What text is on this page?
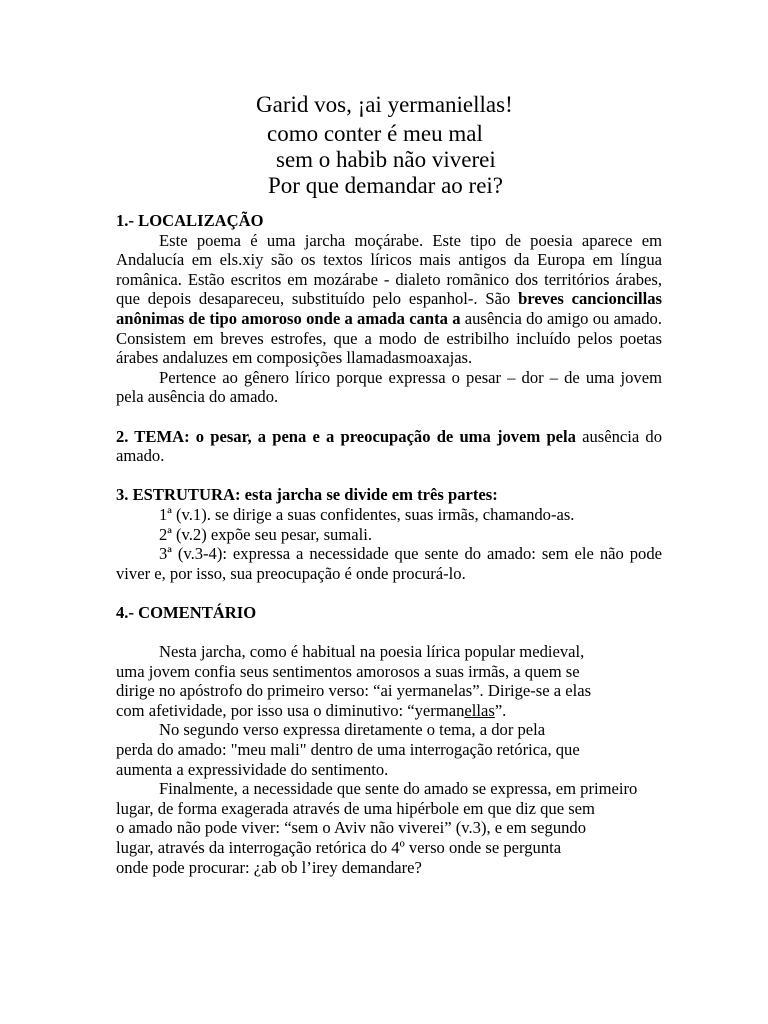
Garid vos, ¡ai yermaniellas!
como conter é meu mal
sem o habib não viverei
Por que demandar ao rei?

1.- LOCALIZAÇÃO

Este poema é uma jarcha moçárabe. Este tipo de poesia aparece em Andalucía em els.xiy são os textos líricos mais antigos da Europa em língua românica. Estão escritos em mozárabe - dialeto romãnico dos territórios árabes, que depois desapareceu, substituído pelo espanhol-. São breves cancioncillas anônimas de tipo amoroso onde a amada canta a ausência do amigo ou amado. Consistem em breves estrofes, que a modo de estribilho incluído pelos poetas árabes andaluzes em composições llamadasmoaxajas.

Pertence ao gênero lírico porque expressa o pesar – dor – de uma jovem pela ausência do amado.

2. TEMA: o pesar, a pena e a preocupação de uma jovem pela ausência do amado.

3. ESTRUTURA: esta jarcha se divide em três partes:

1ª (v.1). se dirige a suas confidentes, suas irmãs, chamando-as.

2ª (v.2) expõe seu pesar, sumali.

3ª (v.3-4): expressa a necessidade que sente do amado: sem ele não pode viver e, por isso, sua preocupação é onde procurá-lo.

4.- COMENTÁRIO

Nesta jarcha, como é habitual na poesia lírica popular medieval,

uma jovem confia seus sentimentos amorosos a suas irmãs, a quem se

dirige no apóstrofo do primeiro verso: “ai yermanelas”. Dirige-se a elas

com afetividade, por isso usa o diminutivo: “yermanellas”.

No segundo verso expressa diretamente o tema, a dor pela

perda do amado: "meu mali" dentro de uma interrogação retórica, que

aumenta a expressividade do sentimento.

Finalmente, a necessidade que sente do amado se expressa, em primeiro

lugar, de forma exagerada através de uma hipérbole em que diz que sem

o amado não pode viver: “sem o Aviv não viverei” (v.3), e em segundo

lugar, através da interrogação retórica do 4º verso onde se pergunta

onde pode procurar: ¿ab ob l’irey demandare?
